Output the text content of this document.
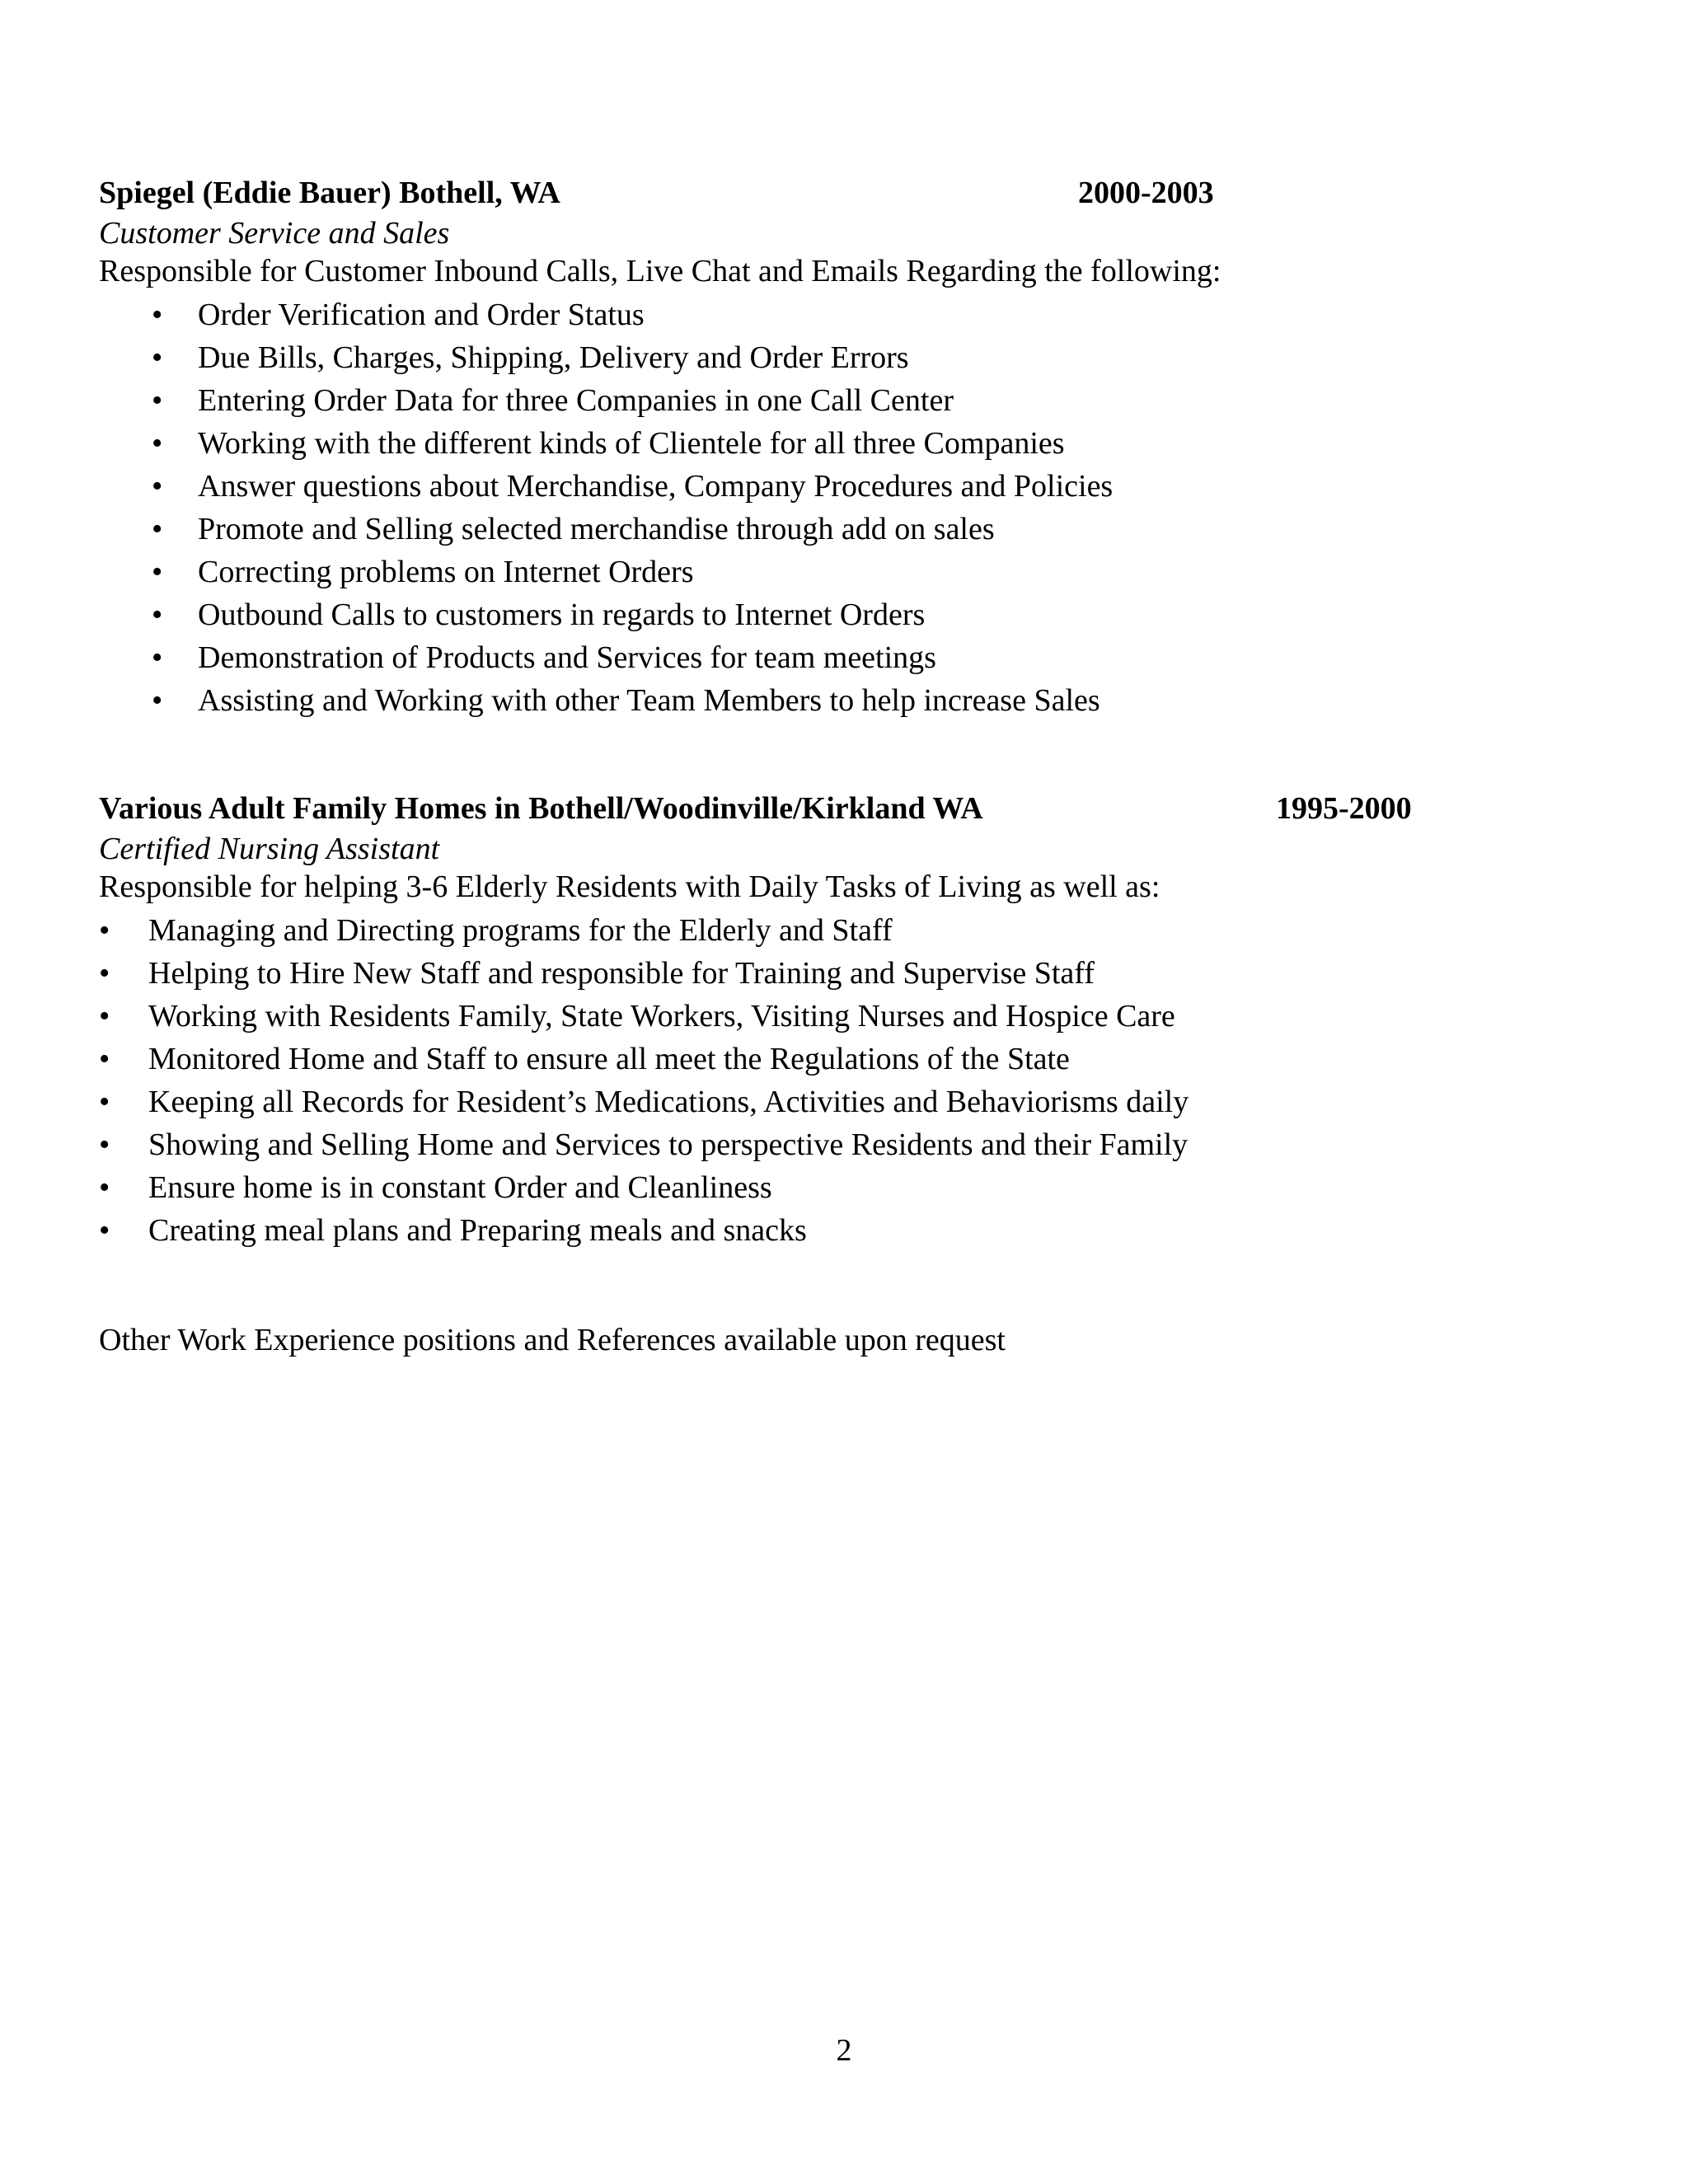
Spiegel (Eddie Bauer) Bothell, WA	2000-2003
Customer Service and Sales
Responsible for Customer Inbound Calls, Live Chat and Emails Regarding the following:
• Order Verification and Order Status
• Due Bills, Charges, Shipping, Delivery and Order Errors
• Entering Order Data for three Companies in one Call Center
• Working with the different kinds of Clientele for all three Companies
• Answer questions about Merchandise, Company Procedures and Policies
• Promote and Selling selected merchandise through add on sales
• Correcting problems on Internet Orders
• Outbound Calls to customers in regards to Internet Orders
• Demonstration of Products and Services for team meetings
• Assisting and Working with other Team Members to help increase Sales
Various Adult Family Homes in Bothell/Woodinville/Kirkland WA	1995-2000
Certified Nursing Assistant
Responsible for helping 3-6 Elderly Residents with Daily Tasks of Living as well as:
• Managing and Directing programs for the Elderly and Staff
• Helping to Hire New Staff and responsible for Training and Supervise Staff
• Working with Residents Family, State Workers, Visiting Nurses and Hospice Care
• Monitored Home and Staff to ensure all meet the Regulations of the State
• Keeping all Records for Resident’s Medications, Activities and Behaviorisms daily
• Showing and Selling Home and Services to perspective Residents and their Family
• Ensure home is in constant Order and Cleanliness
• Creating meal plans and Preparing meals and snacks
Other Work Experience positions and References available upon request
2
